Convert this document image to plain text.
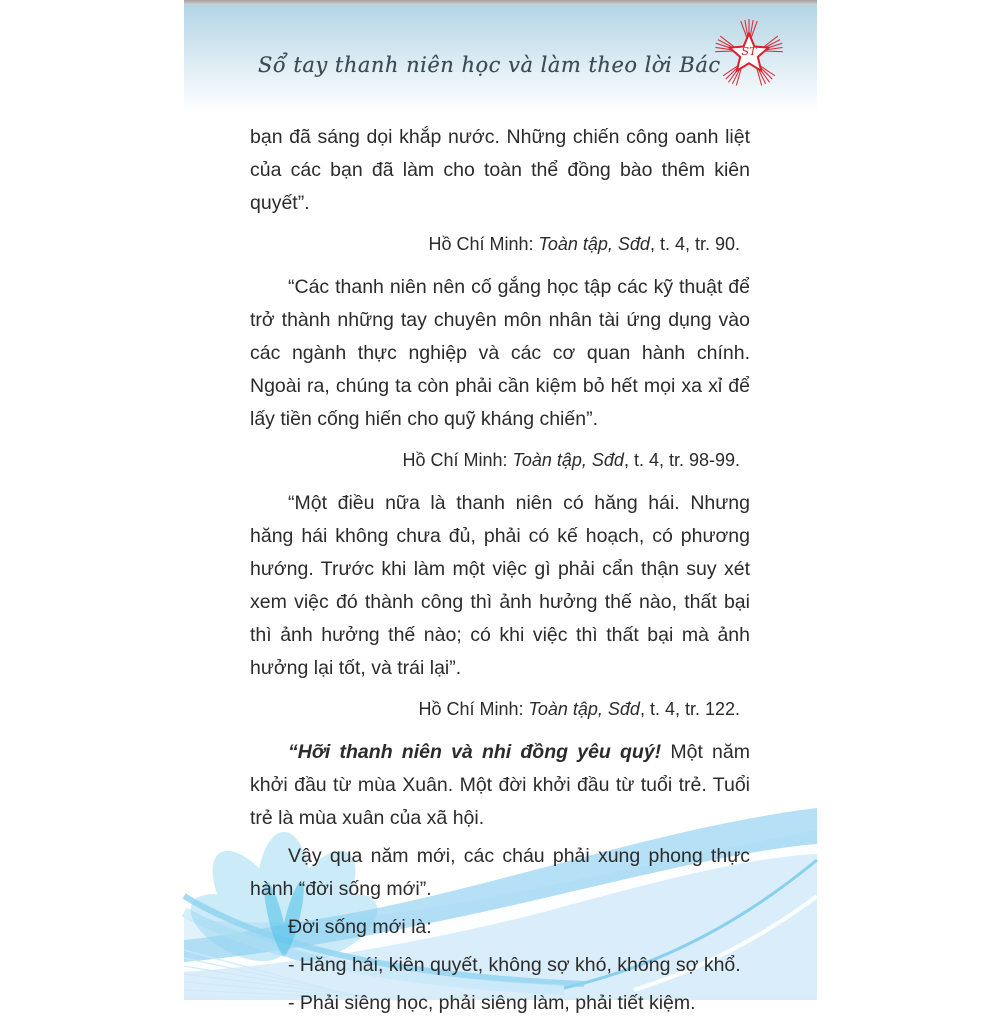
Sổ tay thanh niên học và làm theo lời Bác
ST

bạn đã sáng dọi khắp nước. Những chiến công oanh liệt của các bạn đã làm cho toàn thể đồng bào thêm kiên quyết”.

Hồ Chí Minh: Toàn tập, Sđd, t. 4, tr. 90.

“Các thanh niên nên cố gắng học tập các kỹ thuật để trở thành những tay chuyên môn nhân tài ứng dụng vào các ngành thực nghiệp và các cơ quan hành chính. Ngoài ra, chúng ta còn phải cần kiệm bỏ hết mọi xa xỉ để lấy tiền cống hiến cho quỹ kháng chiến”.

Hồ Chí Minh: Toàn tập, Sđd, t. 4, tr. 98-99.

“Một điều nữa là thanh niên có hăng hái. Nhưng hăng hái không chưa đủ, phải có kế hoạch, có phương hướng. Trước khi làm một việc gì phải cẩn thận suy xét xem việc đó thành công thì ảnh hưởng thế nào, thất bại thì ảnh hưởng thế nào; có khi việc thì thất bại mà ảnh hưởng lại tốt, và trái lại”.

Hồ Chí Minh: Toàn tập, Sđd, t. 4, tr. 122.

“Hỡi thanh niên và nhi đồng yêu quý! Một năm khởi đầu từ mùa Xuân. Một đời khởi đầu từ tuổi trẻ. Tuổi trẻ là mùa xuân của xã hội.

Vậy qua năm mới, các cháu phải xung phong thực hành “đời sống mới”.

Đời sống mới là:

- Hăng hái, kiên quyết, không sợ khó, không sợ khổ.

- Phải siêng học, phải siêng làm, phải tiết kiệm.
